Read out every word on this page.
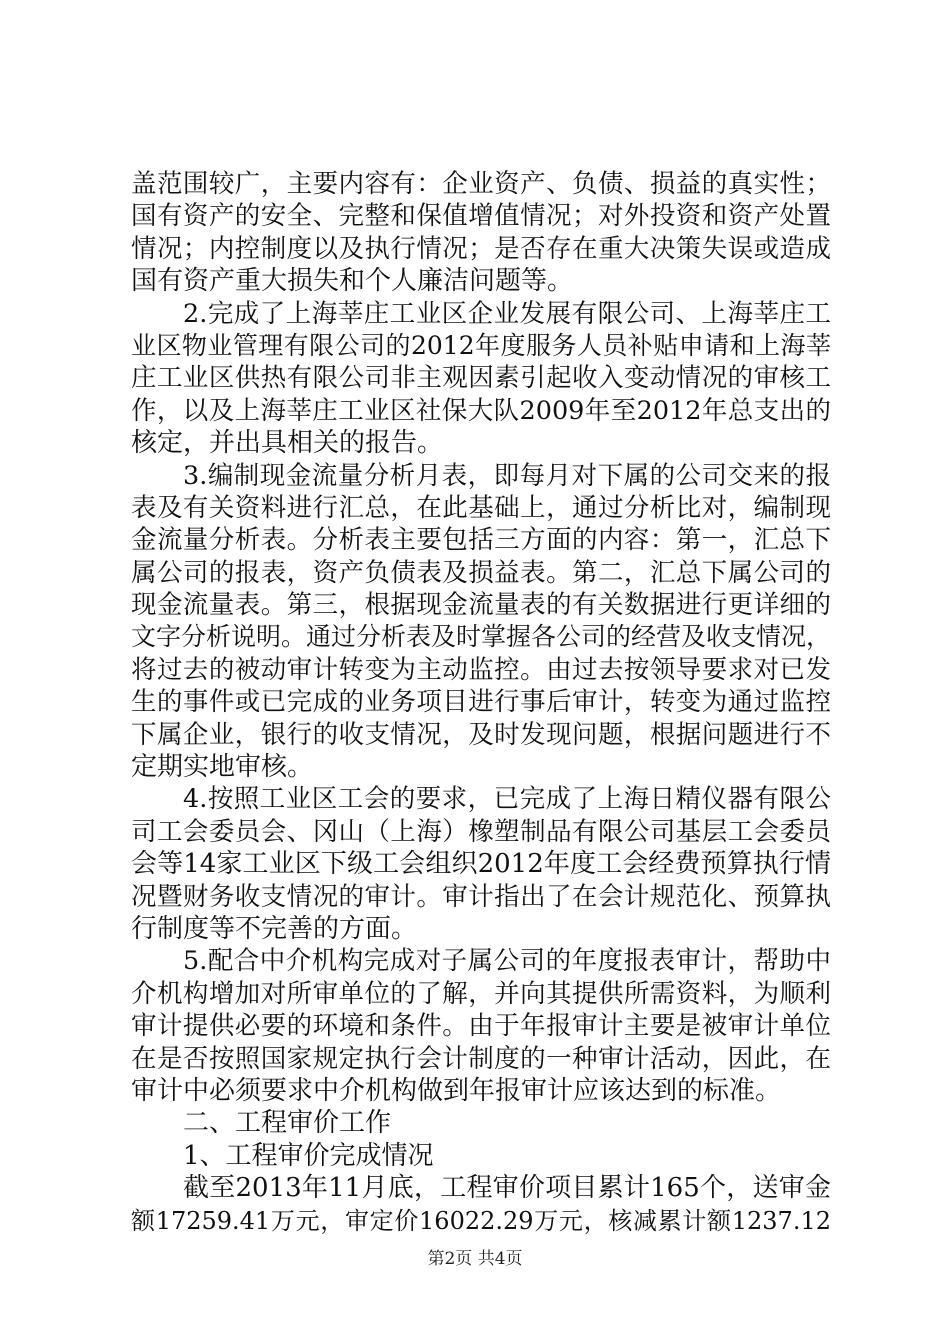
盖范围较广，主要内容有：企业资产、负债、损益的真实性；
国有资产的安全、完整和保值增值情况；对外投资和资产处置
情况；内控制度以及执行情况；是否存在重大决策失误或造成
国有资产重大损失和个人廉洁问题等。
2.完成了上海莘庄工业区企业发展有限公司、上海莘庄工
业区物业管理有限公司的2012年度服务人员补贴申请和上海莘
庄工业区供热有限公司非主观因素引起收入变动情况的审核工
作，以及上海莘庄工业区社保大队2009年至2012年总支出的
核定，并出具相关的报告。
3.编制现金流量分析月表，即每月对下属的公司交来的报
表及有关资料进行汇总，在此基础上，通过分析比对，编制现
金流量分析表。分析表主要包括三方面的内容：第一，汇总下
属公司的报表，资产负债表及损益表。第二，汇总下属公司的
现金流量表。第三，根据现金流量表的有关数据进行更详细的
文字分析说明。通过分析表及时掌握各公司的经营及收支情况，
将过去的被动审计转变为主动监控。由过去按领导要求对已发
生的事件或已完成的业务项目进行事后审计，转变为通过监控
下属企业，银行的收支情况，及时发现问题，根据问题进行不
定期实地审核。
4.按照工业区工会的要求，已完成了上海日精仪器有限公
司工会委员会、冈山（上海）橡塑制品有限公司基层工会委员
会等14家工业区下级工会组织2012年度工会经费预算执行情
况暨财务收支情况的审计。审计指出了在会计规范化、预算执
行制度等不完善的方面。
5.配合中介机构完成对子属公司的年度报表审计，帮助中
介机构增加对所审单位的了解，并向其提供所需资料，为顺利
审计提供必要的环境和条件。由于年报审计主要是被审计单位
在是否按照国家规定执行会计制度的一种审计活动，因此，在
审计中必须要求中介机构做到年报审计应该达到的标准。
二、工程审价工作
1、工程审价完成情况
截至2013年11月底，工程审价项目累计165个，送审金
额17259.41万元，审定价16022.29万元，核减累计额1237.12
第2页 共4页
